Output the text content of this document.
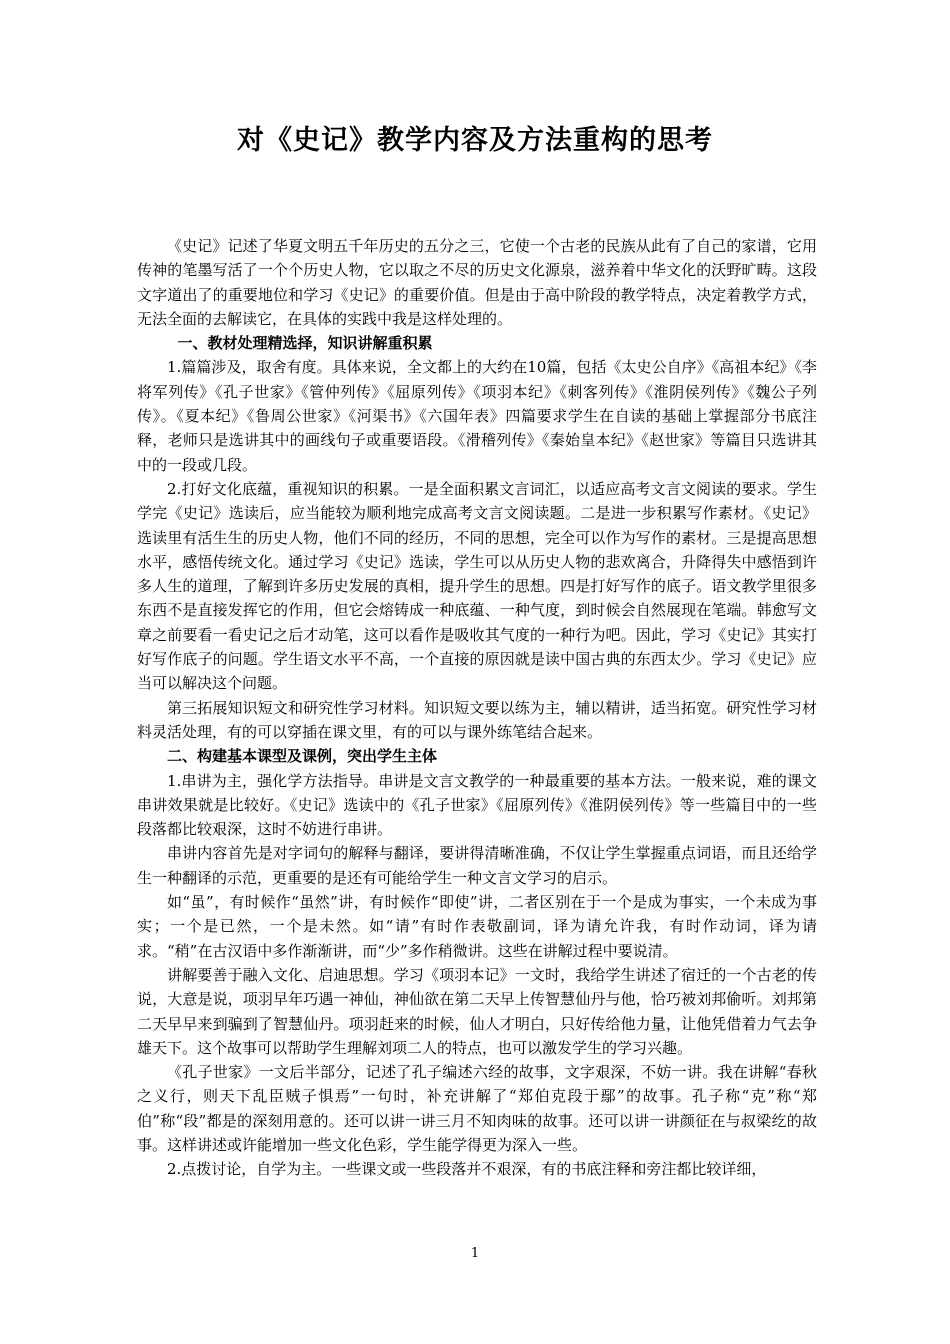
对《史记》教学内容及方法重构的思考

《史记》记述了华夏文明五千年历史的五分之三，它使一个古老的民族从此有了自己的家谱，它用传神的笔墨写活了一个个历史人物，它以取之不尽的历史文化源泉，滋养着中华文化的沃野旷畴。这段文字道出了的重要地位和学习《史记》的重要价值。但是由于高中阶段的教学特点，决定着教学方式，无法全面的去解读它，在具体的实践中我是这样处理的。

一、教材处理精选择，知识讲解重积累

1.篇篇涉及，取舍有度。具体来说，全文都上的大约在10篇，包括《太史公自序》《高祖本纪》《李将军列传》《孔子世家》《管仲列传》《屈原列传》《项羽本纪》《刺客列传》《淮阴侯列传》《魏公子列传》。《夏本纪》《鲁周公世家》《河渠书》《六国年表》四篇要求学生在自读的基础上掌握部分书底注释，老师只是选讲其中的画线句子或重要语段。《滑稽列传》《秦始皇本纪》《赵世家》等篇目只选讲其中的一段或几段。

2.打好文化底蕴，重视知识的积累。一是全面积累文言词汇，以适应高考文言文阅读的要求。学生学完《史记》选读后，应当能较为顺利地完成高考文言文阅读题。二是进一步积累写作素材。《史记》选读里有活生生的历史人物，他们不同的经历，不同的思想，完全可以作为写作的素材。三是提高思想水平，感悟传统文化。通过学习《史记》选读，学生可以从历史人物的悲欢离合，升降得失中感悟到许多人生的道理，了解到许多历史发展的真相，提升学生的思想。四是打好写作的底子。语文教学里很多东西不是直接发挥它的作用，但它会熔铸成一种底蕴、一种气度，到时候会自然展现在笔端。韩愈写文章之前要看一看史记之后才动笔，这可以看作是吸收其气度的一种行为吧。因此，学习《史记》其实打好写作底子的问题。学生语文水平不高，一个直接的原因就是读中国古典的东西太少。学习《史记》应当可以解决这个问题。

第三拓展知识短文和研究性学习材料。知识短文要以练为主，辅以精讲，适当拓宽。研究性学习材料灵活处理，有的可以穿插在课文里，有的可以与课外练笔结合起来。

二、构建基本课型及课例，突出学生主体

1.串讲为主，强化学方法指导。串讲是文言文教学的一种最重要的基本方法。一般来说，难的课文串讲效果就是比较好。《史记》选读中的《孔子世家》《屈原列传》《淮阴侯列传》等一些篇目中的一些段落都比较艰深，这时不妨进行串讲。

串讲内容首先是对字词句的解释与翻译，要讲得清晰准确，不仅让学生掌握重点词语，而且还给学生一种翻译的示范，更重要的是还有可能给学生一种文言文学习的启示。

如“虽”，有时候作“虽然”讲，有时候作“即使”讲，二者区别在于一个是成为事实，一个未成为事实；一个是已然，一个是未然。如“请”有时作表敬副词，译为请允许我，有时作动词，译为请求。“稍”在古汉语中多作渐渐讲，而“少”多作稍微讲。这些在讲解过程中要说清。

讲解要善于融入文化、启迪思想。学习《项羽本记》一文时，我给学生讲述了宿迁的一个古老的传说，大意是说，项羽早年巧遇一神仙，神仙欲在第二天早上传智慧仙丹与他，恰巧被刘邦偷听。刘邦第二天早早来到骗到了智慧仙丹。项羽赶来的时候，仙人才明白，只好传给他力量，让他凭借着力气去争雄天下。这个故事可以帮助学生理解刘项二人的特点，也可以激发学生的学习兴趣。

《孔子世家》一文后半部分，记述了孔子编述六经的故事，文字艰深，不妨一讲。我在讲解“春秋之义行，则天下乱臣贼子惧焉”一句时，补充讲解了“郑伯克段于鄢”的故事。孔子称“克”称“郑伯”称“段”都是的深刻用意的。还可以讲一讲三月不知肉味的故事。还可以讲一讲颜征在与叔梁纥的故事。这样讲述或许能增加一些文化色彩，学生能学得更为深入一些。

2.点拨讨论，自学为主。一些课文或一些段落并不艰深，有的书底注释和旁注都比较详细，

1
